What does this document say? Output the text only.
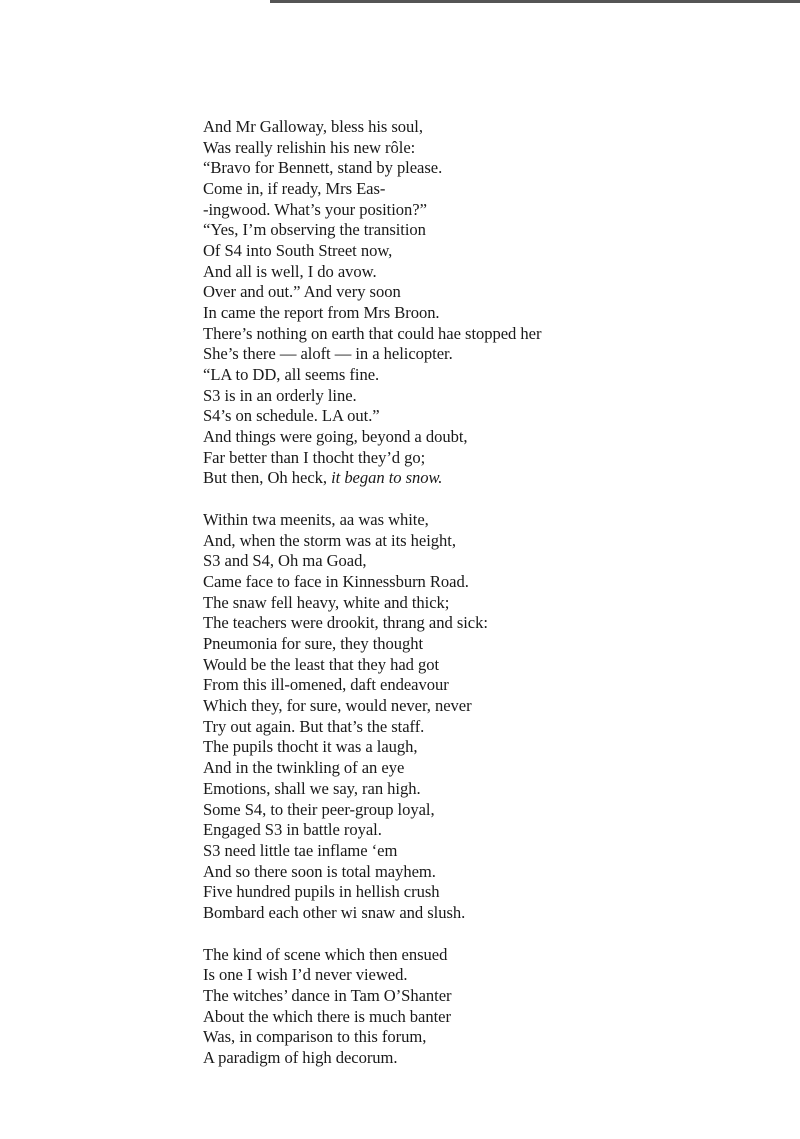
And Mr Galloway, bless his soul,
Was really relishin his new rôle:
“Bravo for Bennett, stand by please.
Come in, if ready, Mrs Eas-
-ingwood. What’s your position?”
“Yes, I’m observing the transition
Of S4 into South Street now,
And all is well, I do avow.
Over and out.” And very soon
In came the report from Mrs Broon.
There’s nothing on earth that could hae stopped her
She’s there — aloft — in a helicopter.
“LA to DD, all seems fine.
S3 is in an orderly line.
S4’s on schedule. LA out.”
And things were going, beyond a doubt,
Far better than I thocht they’d go;
But then, Oh heck, it began to snow.
Within twa meenits, aa was white,
And, when the storm was at its height,
S3 and S4, Oh ma Goad,
Came face to face in Kinnessburn Road.
The snaw fell heavy, white and thick;
The teachers were drookit, thrang and sick:
Pneumonia for sure, they thought
Would be the least that they had got
From this ill-omened, daft endeavour
Which they, for sure, would never, never
Try out again. But that’s the staff.
The pupils thocht it was a laugh,
And in the twinkling of an eye
Emotions, shall we say, ran high.
Some S4, to their peer-group loyal,
Engaged S3 in battle royal.
S3 need little tae inflame ‘em
And so there soon is total mayhem.
Five hundred pupils in hellish crush
Bombard each other wi snaw and slush.
The kind of scene which then ensued
Is one I wish I’d never viewed.
The witches’ dance in Tam O’Shanter
About the which there is much banter
Was, in comparison to this forum,
A paradigm of high decorum.
